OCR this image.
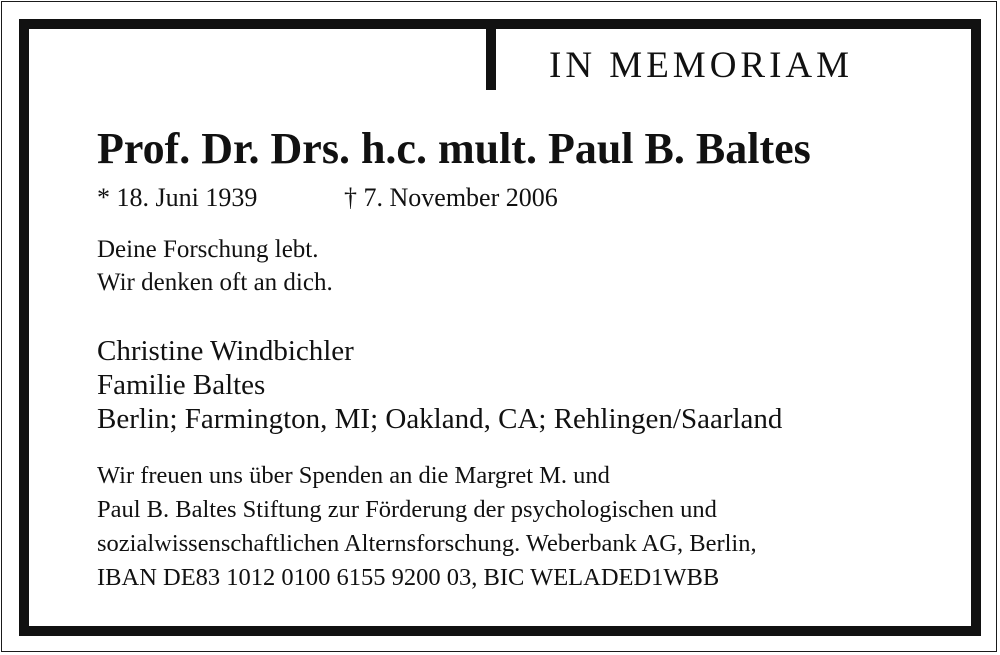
IN MEMORIAM
Prof. Dr. Drs. h.c. mult. Paul B. Baltes
* 18. Juni 1939	† 7. November 2006
Deine Forschung lebt.
Wir denken oft an dich.
Christine Windbichler
Familie Baltes
Berlin; Farmington, MI; Oakland, CA; Rehlingen/Saarland
Wir freuen uns über Spenden an die Margret M. und
Paul B. Baltes Stiftung zur Förderung der psychologischen und
sozialwissenschaftlichen Alternsforschung. Weberbank AG, Berlin,
IBAN DE83 1012 0100 6155 9200 03, BIC WELADED1WBB
